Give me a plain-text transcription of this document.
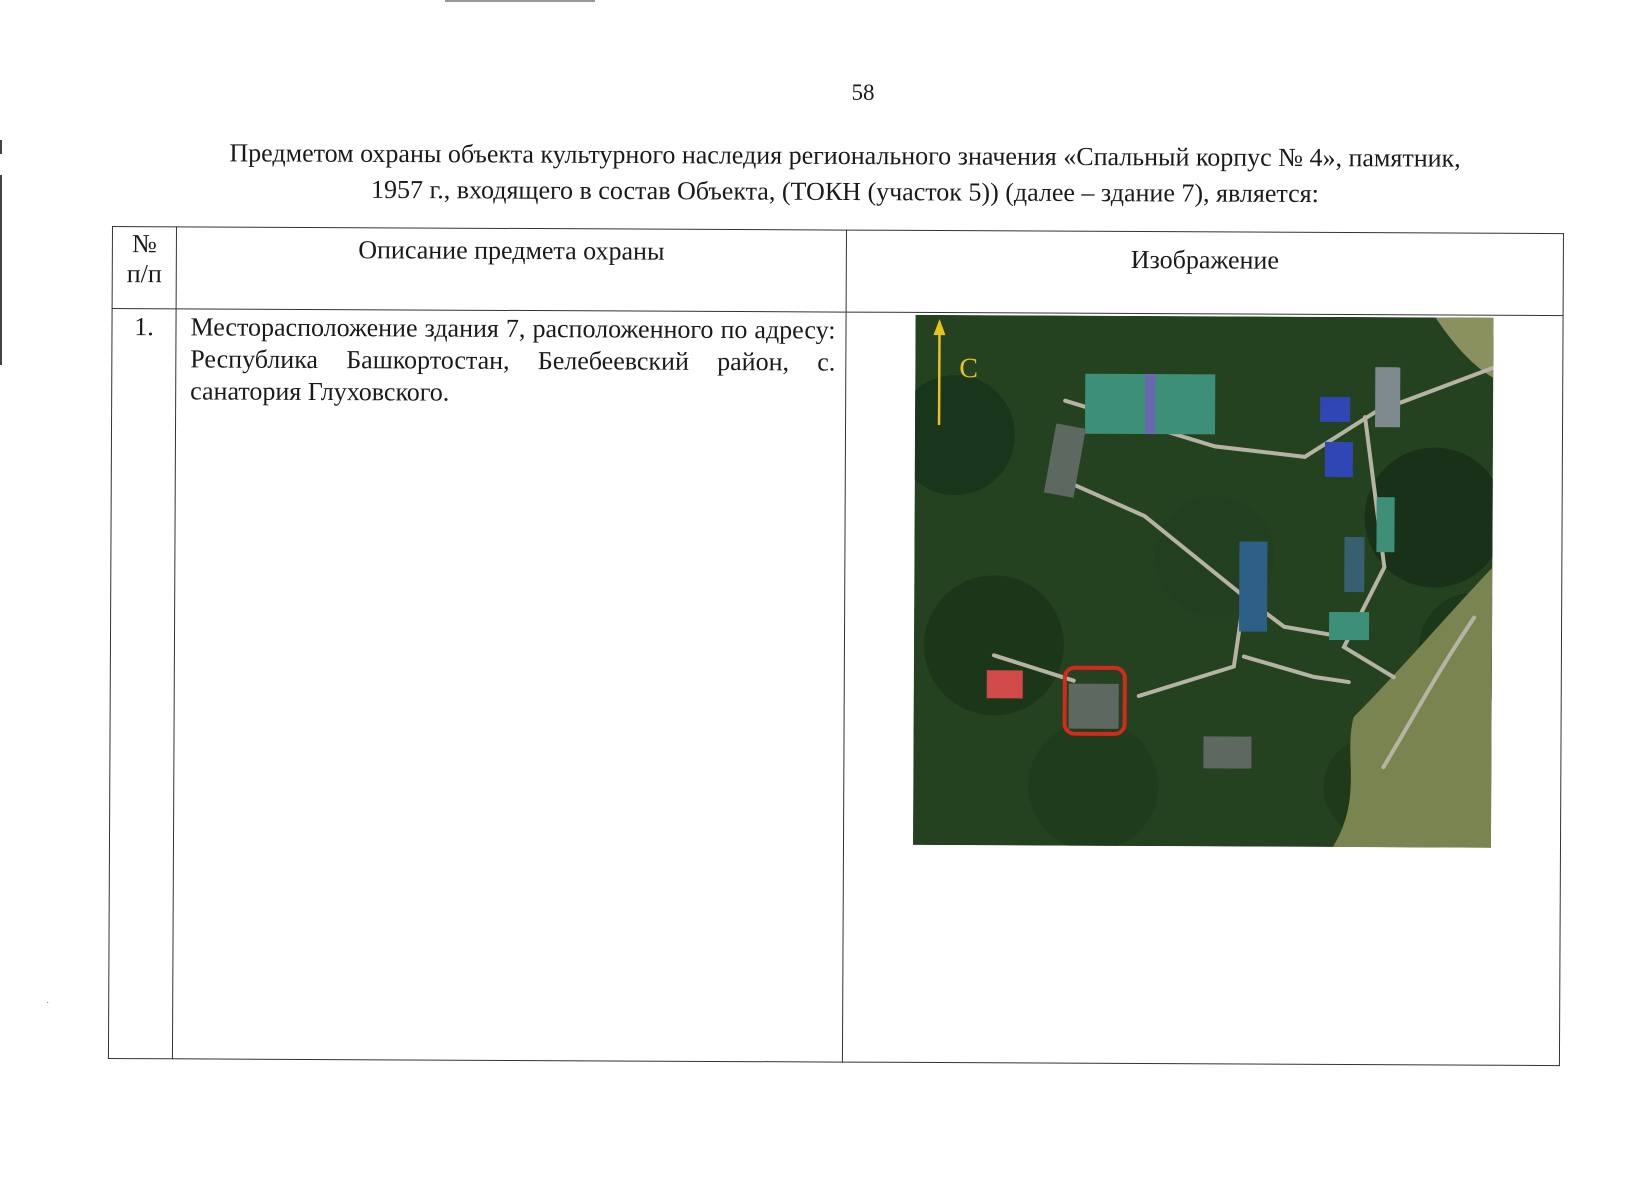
58
Предметом охраны объекта культурного наследия регионального значения «Спальный корпус № 4», памятник,
1957 г., входящего в состав Объекта, (ТОКН (участок 5)) (далее – здание 7), является:
№
п/п	Описание предмета охраны	Изображение
1.	Месторасположение здания 7, расположенного по адресу: Республика Башкортостан, Белебеевский район, с. санатория Глуховского.	С
·
